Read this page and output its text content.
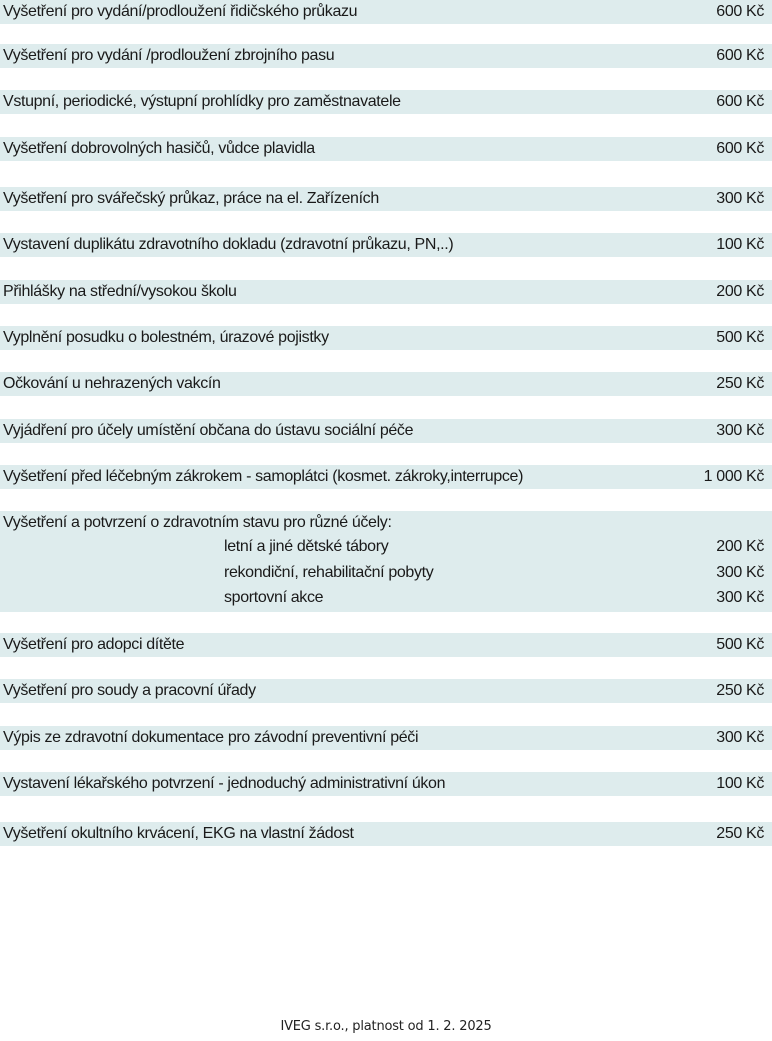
Vyšetření pro vydání/prodloužení řidičského průkazu	600 Kč
Vyšetření pro vydání /prodloužení zbrojního pasu	600 Kč
Vstupní, periodické, výstupní prohlídky pro zaměstnavatele	600 Kč
Vyšetření dobrovolných hasičů, vůdce plavidla	600 Kč
Vyšetření pro svářečský průkaz, práce na el. Zařízeních	300 Kč
Vystavení duplikátu zdravotního dokladu (zdravotní průkazu, PN,..)	100 Kč
Přihlášky na střední/vysokou školu	200 Kč
Vyplnění posudku o bolestném, úrazové pojistky	500 Kč
Očkování u nehrazených vakcín	250 Kč
Vyjádření pro účely umístění občana do ústavu sociální péče	300 Kč
Vyšetření před léčebným zákrokem - samoplátci (kosmet. zákroky,interrupce)	1 000 Kč
Vyšetření a potvrzení o zdravotním stavu pro různé účely:
letní a jiné dětské tábory	200 Kč
rekondiční, rehabilitační pobyty	300 Kč
sportovní akce	300 Kč
Vyšetření pro adopci dítěte	500 Kč
Vyšetření pro soudy a pracovní úřady	250 Kč
Výpis ze zdravotní dokumentace pro závodní preventivní péči	300 Kč
Vystavení lékařského potvrzení - jednoduchý administrativní úkon	100 Kč
Vyšetření okultního krvácení, EKG na vlastní žádost	250 Kč
IVEG s.r.o., platnost od 1. 2. 2025
